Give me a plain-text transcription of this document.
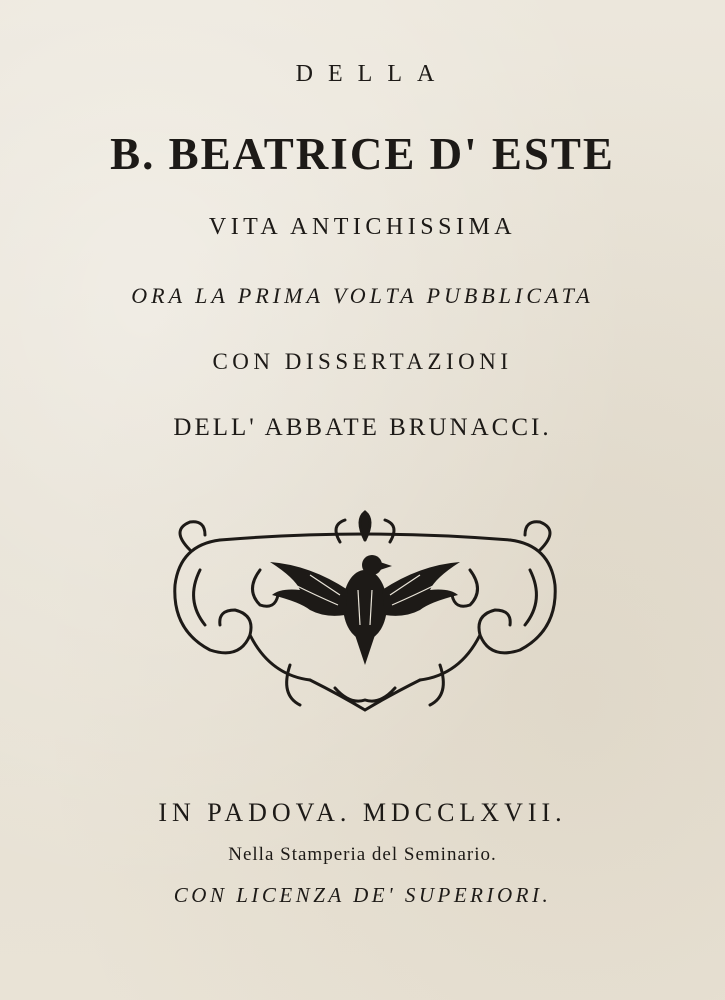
DELLA
B. BEATRICE D' ESTE
VITA ANTICHISSIMA
ORA LA PRIMA VOLTA PUBBLICATA
CON DISSERTAZIONI
DELL' ABBATE BRUNACCI.
IN PADOVA. MDCCLXVII.
Nella Stamperia del Seminario.
CON LICENZA DE' SUPERIORI.
